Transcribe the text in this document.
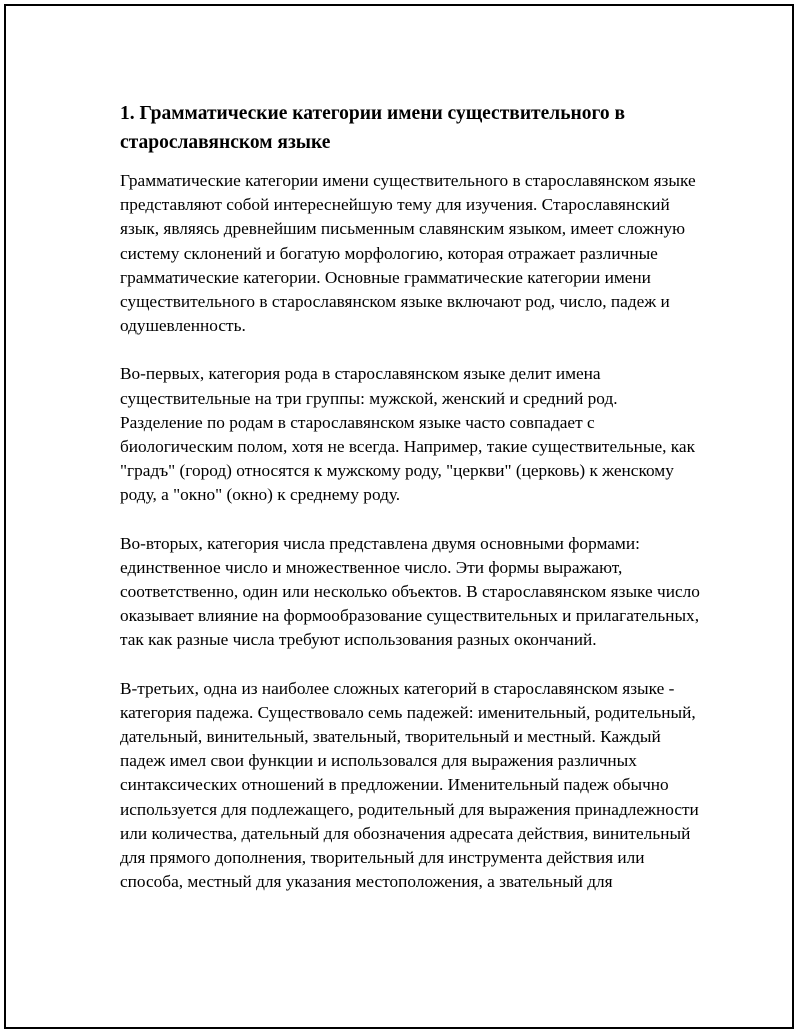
1. Грамматические категории имени существительного в старославянском языке

Грамматические категории имени существительного в старославянском языке представляют собой интереснейшую тему для изучения. Старославянский язык, являясь древнейшим письменным славянским языком, имеет сложную систему склонений и богатую морфологию, которая отражает различные грамматические категории. Основные грамматические категории имени существительного в старославянском языке включают род, число, падеж и одушевленность.

Во-первых, категория рода в старославянском языке делит имена существительные на три группы: мужской, женский и средний род. Разделение по родам в старославянском языке часто совпадает с биологическим полом, хотя не всегда. Например, такие существительные, как "градъ" (город) относятся к мужскому роду, "церкви" (церковь) к женскому роду, а "окно" (окно) к среднему роду.

Во-вторых, категория числа представлена двумя основными формами: единственное число и множественное число. Эти формы выражают, соответственно, один или несколько объектов. В старославянском языке число оказывает влияние на формообразование существительных и прилагательных, так как разные числа требуют использования разных окончаний.

В-третьих, одна из наиболее сложных категорий в старославянском языке - категория падежа. Существовало семь падежей: именительный, родительный, дательный, винительный, звательный, творительный и местный. Каждый падеж имел свои функции и использовался для выражения различных синтаксических отношений в предложении. Именительный падеж обычно используется для подлежащего, родительный для выражения принадлежности или количества, дательный для обозначения адресата действия, винительный для прямого дополнения, творительный для инструмента действия или способа, местный для указания местоположения, а звательный для
